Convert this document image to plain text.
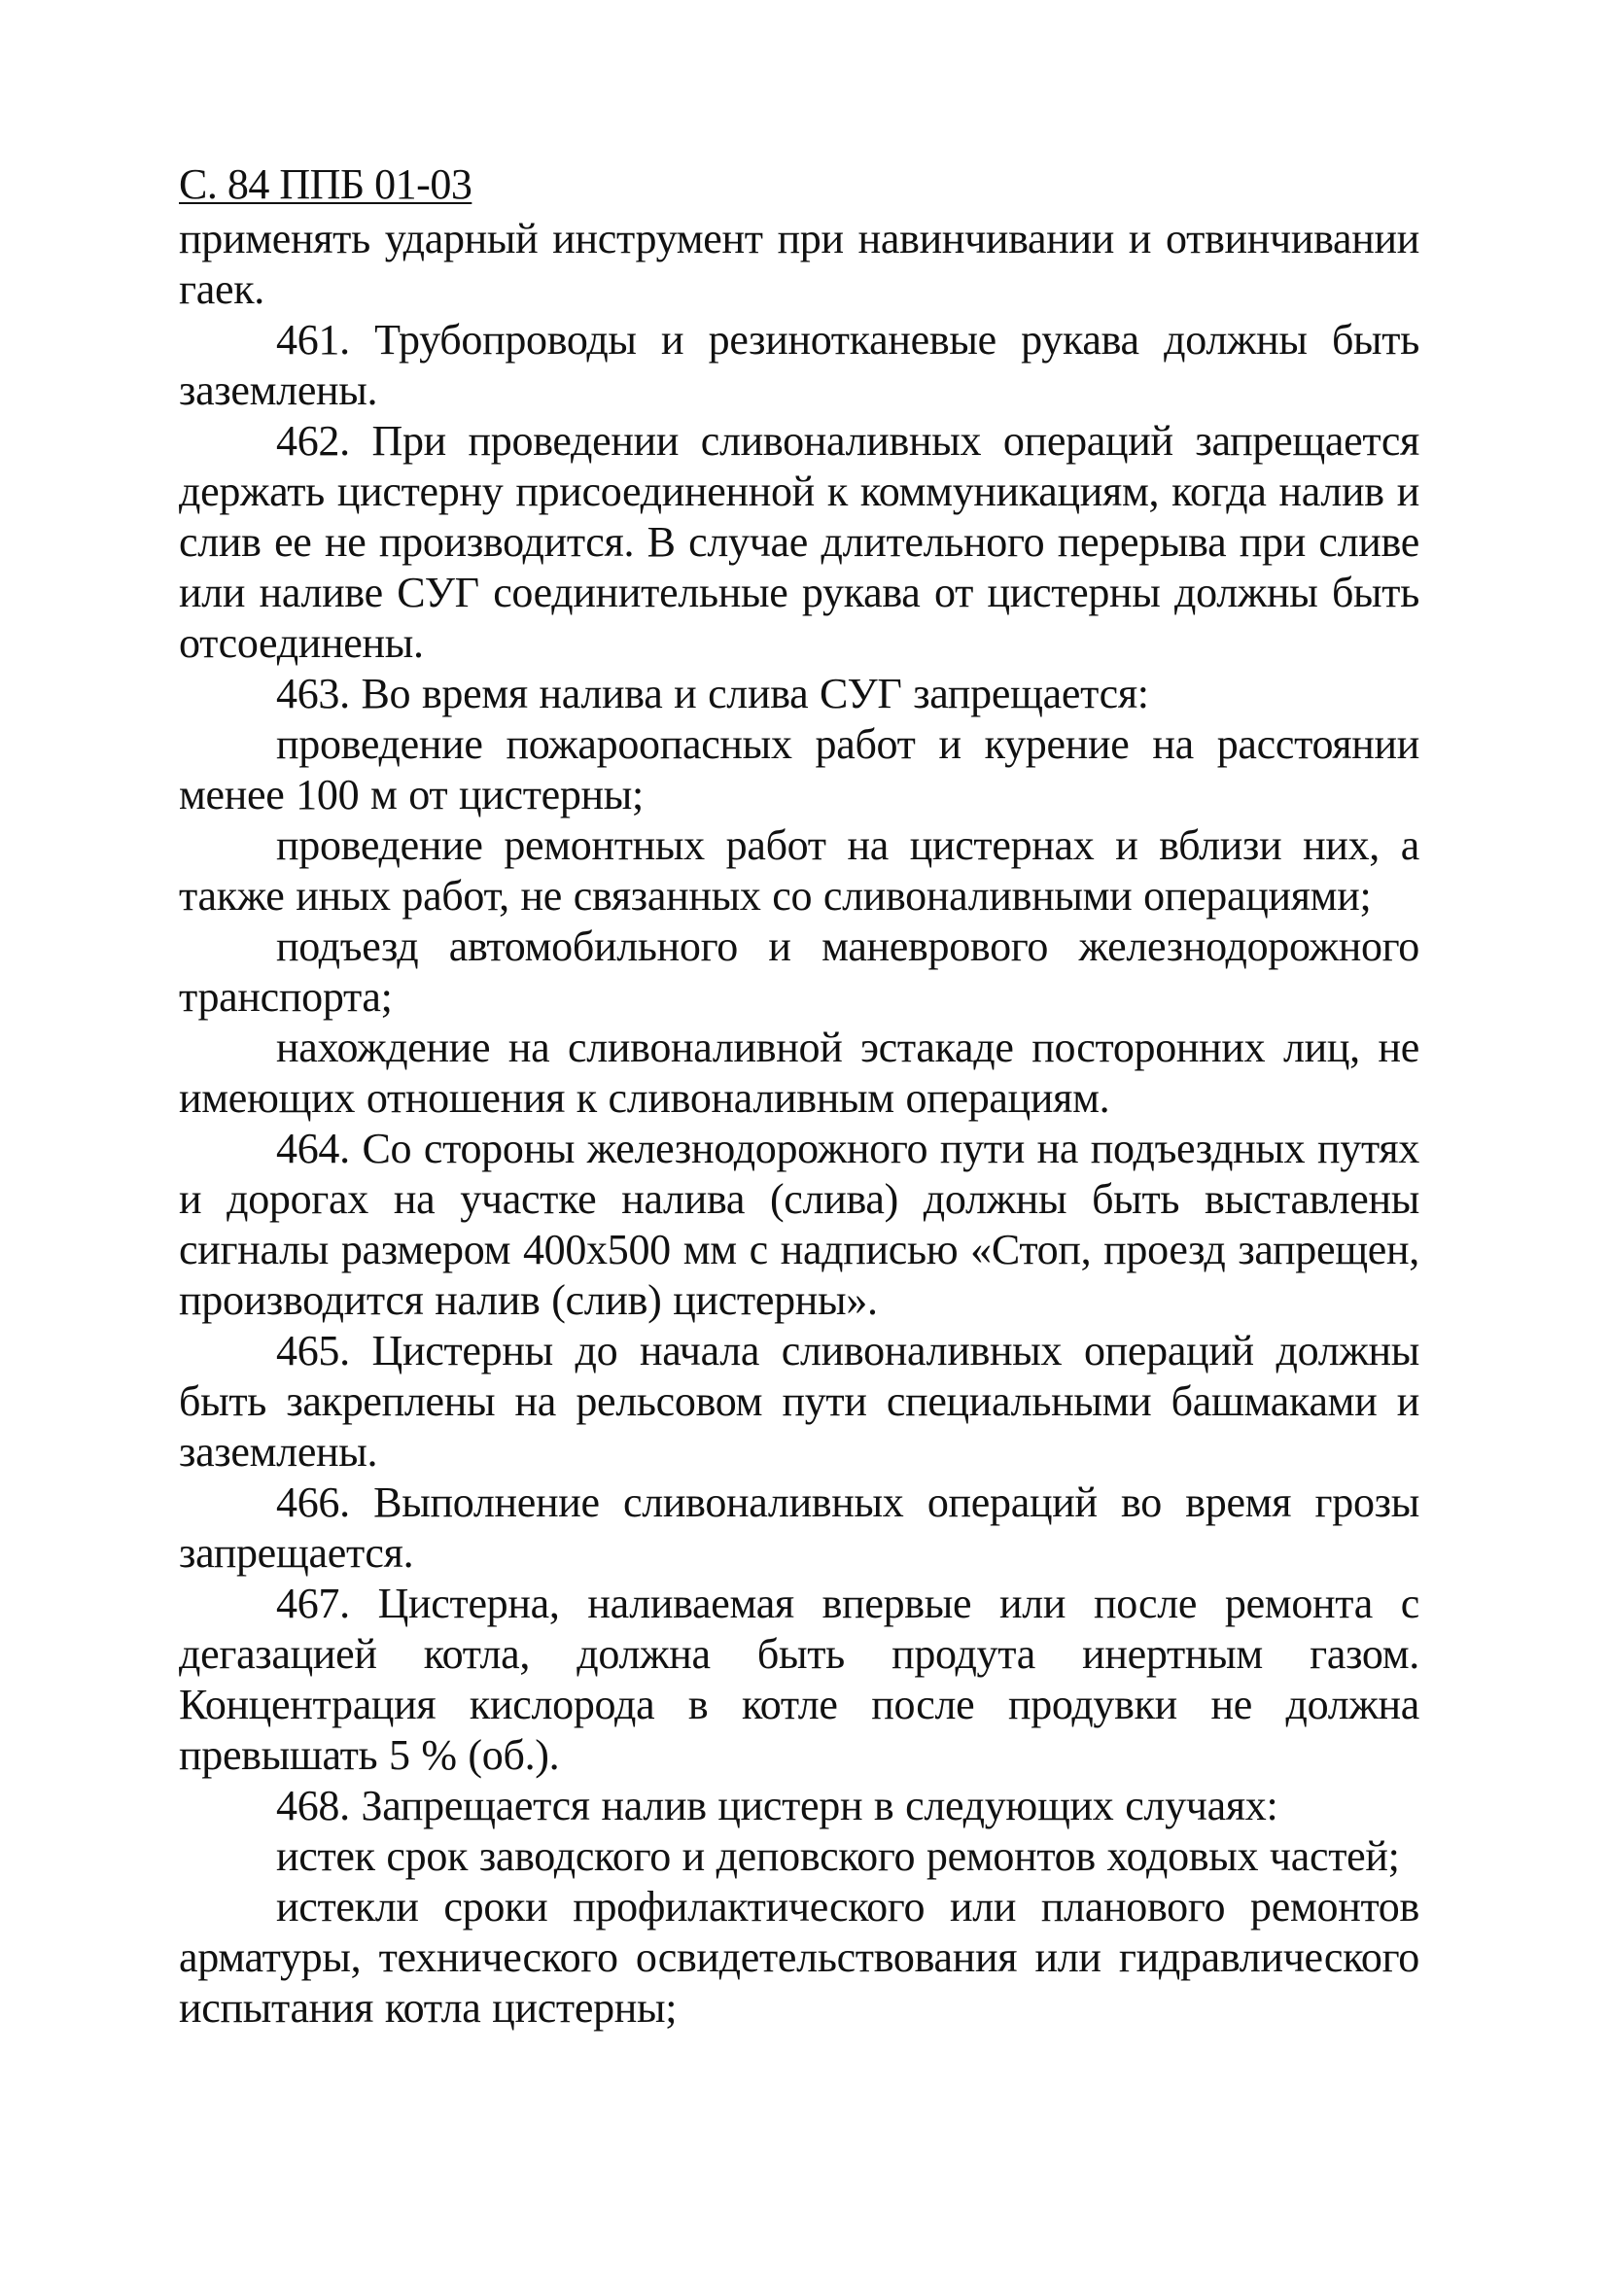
С. 84 ППБ 01-03

применять ударный инструмент при навинчивании и отвинчивании гаек.

461. Трубопроводы и резинотканевые рукава должны быть заземлены.

462. При проведении сливоналивных операций запрещается держать цистерну присоединенной к коммуникациям, когда налив и слив ее не производится. В случае длительного перерыва при сливе или наливе СУГ соединительные рукава от цистерны должны быть отсоединены.

463. Во время налива и слива СУГ запрещается:

проведение пожароопасных работ и курение на расстоянии менее 100 м от цистерны;

проведение ремонтных работ на цистернах и вблизи них, а также иных работ, не связанных со сливоналивными операциями;

подъезд автомобильного и маневрового железнодорожного транспорта;

нахождение на сливоналивной эстакаде посторонних лиц, не имеющих отношения к сливоналивным операциям.

464. Со стороны железнодорожного пути на подъездных путях и дорогах на участке налива (слива) должны быть выставлены сигналы размером 400х500 мм с надписью «Стоп, проезд запрещен, производится налив (слив) цистерны».

465. Цистерны до начала сливоналивных операций должны быть закреплены на рельсовом пути специальными башмаками и заземлены.

466. Выполнение сливоналивных операций во время грозы запрещается.

467. Цистерна, наливаемая впервые или после ремонта с дегазацией котла, должна быть продута инертным газом. Концентрация кислорода в котле после продувки не должна превышать 5 % (об.).

468. Запрещается налив цистерн в следующих случаях:

истек срок заводского и деповского ремонтов ходовых частей;

истекли сроки профилактического или планового ремонтов арматуры, технического освидетельствования или гидравлического испытания котла цистерны;
